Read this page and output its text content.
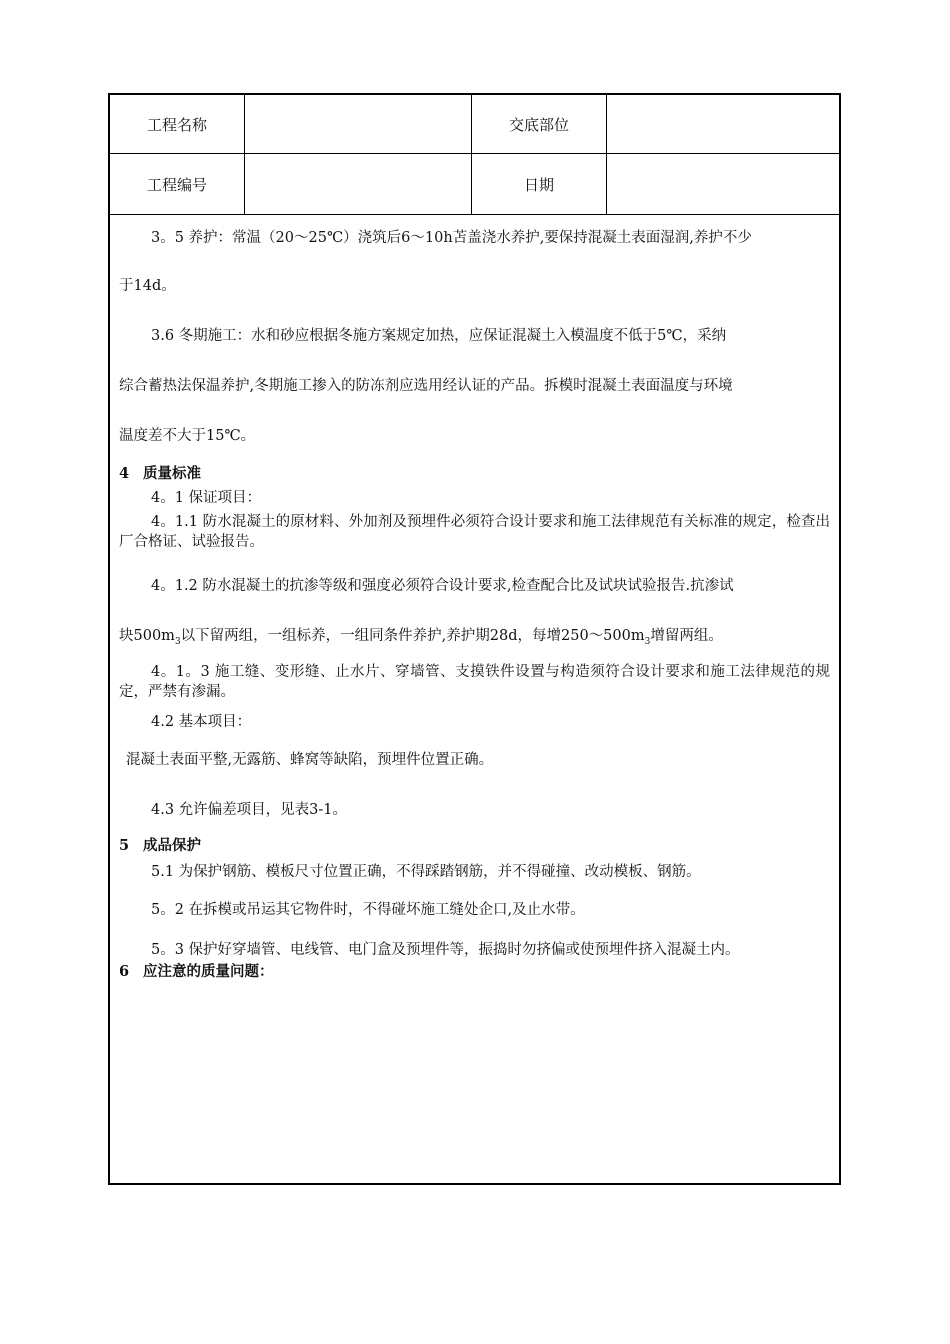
工程名称	交底部位
工程编号	日期
3。5 养护：常温（20～25℃）浇筑后6～10h苫盖浇水养护,要保持混凝土表面湿润,养护不少
于14d。
3.6 冬期施工：水和砂应根据冬施方案规定加热，应保证混凝土入模温度不低于5℃，采纳
综合蓄热法保温养护,冬期施工掺入的防冻剂应选用经认证的产品。拆模时混凝土表面温度与环境
温度差不大于15℃。
4 质量标准
4。1 保证项目：
4。1.1 防水混凝土的原材料、外加剂及预埋件必须符合设计要求和施工法律规范有关标准的规定，检查出厂合格证、试验报告。
4。1.2 防水混凝土的抗渗等级和强度必须符合设计要求,检查配合比及试块试验报告.抗渗试
块$500m_3$以下留两组，一组标养，一组同条件养护,养护期28d，每增$250\sim 500m_3$增留两组。
4。1。3 施工缝、变形缝、止水片、穿墙管、支摸铁件设置与构造须符合设计要求和施工法律规范的规定，严禁有渗漏。
4.2 基本项目：
混凝土表面平整,无露筋、蜂窝等缺陷，预埋件位置正确。
4.3 允许偏差项目，见表3-1。
5 成品保护
5.1 为保护钢筋、模板尺寸位置正确，不得踩踏钢筋，并不得碰撞、改动模板、钢筋。
5。2 在拆模或吊运其它物件时，不得碰坏施工缝处企口,及止水带。
5。3 保护好穿墙管、电线管、电门盒及预埋件等，振捣时勿挤偏或使预埋件挤入混凝土内。
6 应注意的质量问题：
